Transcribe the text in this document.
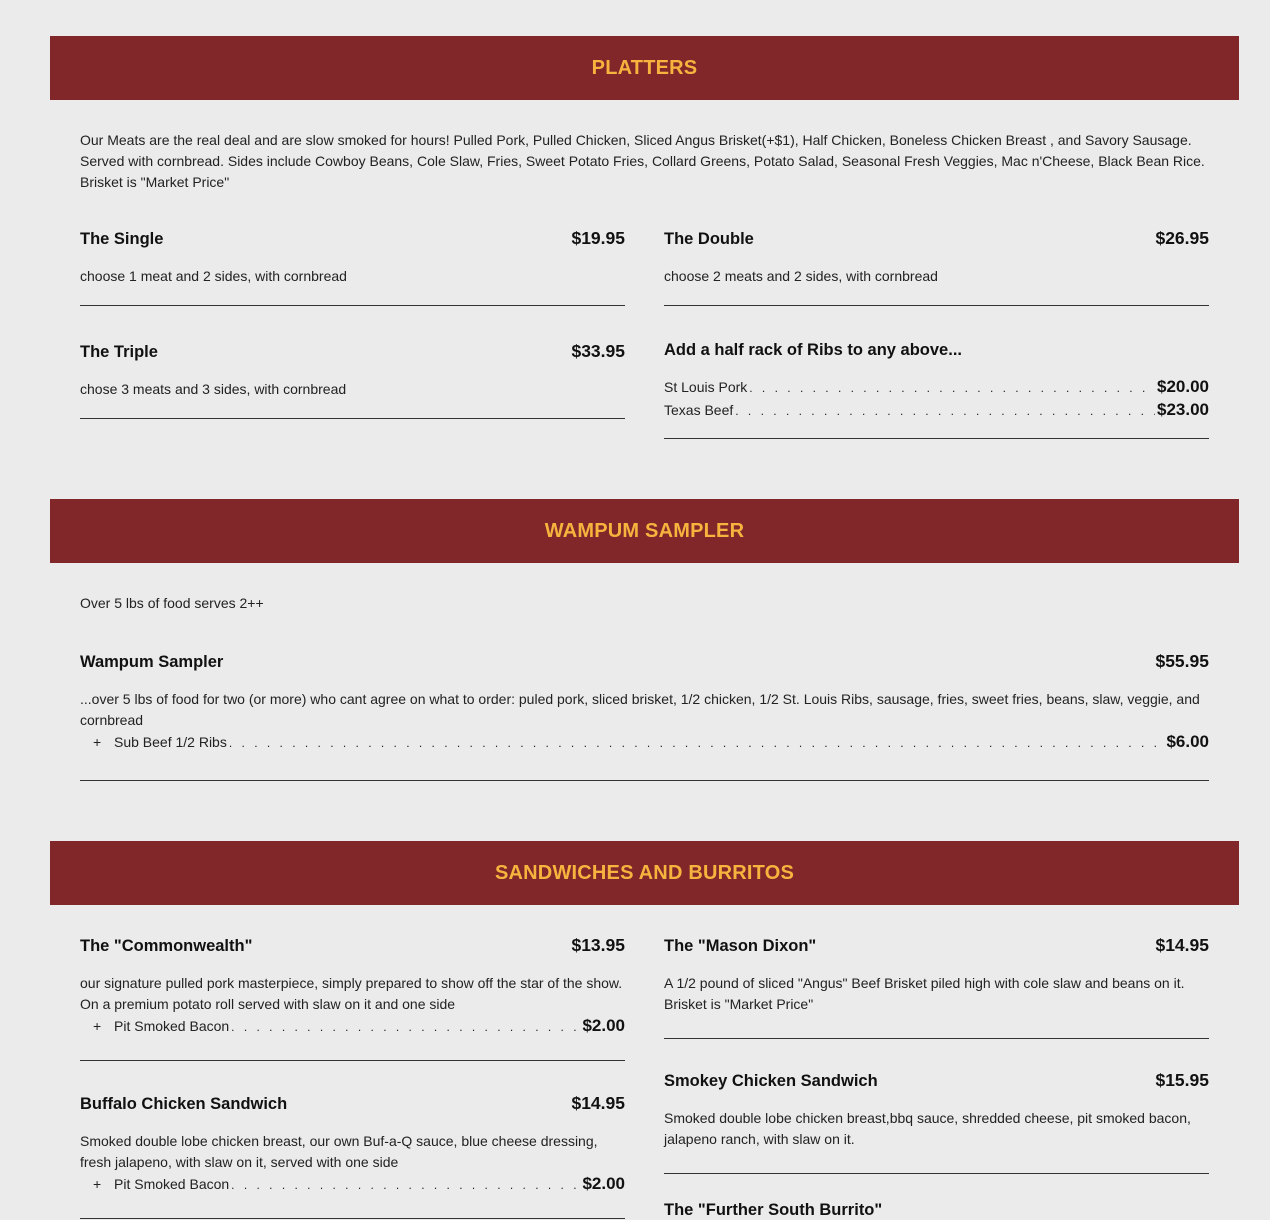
PLATTERS

Our Meats are the real deal and are slow smoked for hours! Pulled Pork, Pulled Chicken, Sliced Angus Brisket(+$1), Half Chicken, Boneless Chicken Breast , and Savory Sausage. Served with cornbread. Sides include Cowboy Beans, Cole Slaw, Fries, Sweet Potato Fries, Collard Greens, Potato Salad, Seasonal Fresh Veggies, Mac n'Cheese, Black Bean Rice. Brisket is "Market Price"

The Single	$19.95

choose 1 meat and 2 sides, with cornbread

The Double	$26.95

choose 2 meats and 2 sides, with cornbread

The Triple	$33.95

chose 3 meats and 3 sides, with cornbread

Add a half rack of Ribs to any above...
St Louis Pork . . .	$20.00
Texas Beef . . .	$23.00
WAMPUM SAMPLER

Over 5 lbs of food serves 2++

Wampum Sampler	$55.95

...over 5 lbs of food for two (or more) who cant agree on what to order: puled pork, sliced brisket, 1/2 chicken, 1/2 St. Louis Ribs, sausage, fries, sweet fries, beans, slaw, veggie, and cornbread

+ Sub Beef 1/2 Ribs . . .	$6.00
SANDWICHES AND BURRITOS
The "Commonwealth"	$13.95

our signature pulled pork masterpiece, simply prepared to show off the star of the show. On a premium potato roll served with slaw on it and one side

+ Pit Smoked Bacon . . .	$2.00
Buffalo Chicken Sandwich	$14.95

Smoked double lobe chicken breast, our own Buf-a-Q sauce, blue cheese dressing, fresh jalapeno, with slaw on it, served with one side

+ Pit Smoked Bacon . . .	$2.00
The "Mason Dixon"	$14.95

A 1/2 pound of sliced "Angus" Beef Brisket piled high with cole slaw and beans on it. Brisket is "Market Price"

Smokey Chicken Sandwich	$15.95

Smoked double lobe chicken breast,bbq sauce, shredded cheese, pit smoked bacon, jalapeno ranch, with slaw on it.

The "Further South Burrito"
